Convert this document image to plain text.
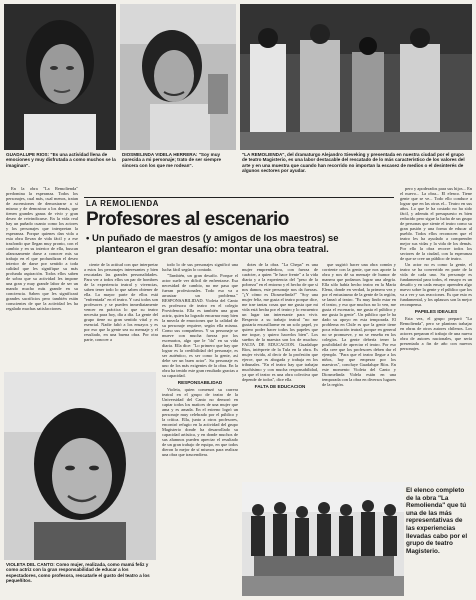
GUADALUPE RIOS: "Es una actividad llena de emociones y muy disfrutada a como muchos se la imaginan".
DIOSMELINDA VIDELA HERRERA: "Soy muy parecida a mi personaje; trato de ser siempre sincera con los que me rodean".
"LA REMOLIENDA", del dramaturgo Alejandro Sieveking y presentada en nuestra ciudad por el grupo de teatro Magisterio, es una labor destacable del rescatado de lo más característico de los valores del arte y en una muestra que cuando han recorrido no importan la escasez de medios o el desinterés de algunos sectores por ayudar.

En la obra "La Remolienda" predomina la esperanza. Todos los personajes, cual más, cual menos, tratan de ascensiones de demostrarse a si mismo y de demostrar a los demás, que tienen grandes ganas de vivir y gran deseo de reivindicarse. En la vida real hay un puñado cuanto como los actores y los personajes que interpretan la esperanza. Porque quienes dan vida a esta obra llevan de vida fácil y a ese trasfondo que llegan muy pronto, con el cambio y en su interior de ella, buscan afanosamente darse a conocer mis su trabajo en el que profundizan el deseo interior de darse por sentido a toda calidad que les signifique su más profunda aspiración. Todos ellos saben de sobra que su actividad les impone una gran y muy grande labor de ser un mando mucho más grande en su conciencia. Saben que les significará grandes sacrificios pero también están conscientes de que la actividad les ha regalado muchas satisfacciones.

LA REMOLIENDA
Profesores al escenario
• Un puñado de maestros (y amigos de los maestros) se
plantearon el gran desafío: montar una obra teatral.

ciente de la actitud con que interpretar a estos los personajes interesantes y bien rescatadas las grandes personalidades. Para ver a todos ellos un par de hombres de la experiencia teatral y vivencias, saben tener todo lo que saben obtener de ella. La mayor parte de ellos está "enfrentada" en el teatro. Y casi todos son profesores y se pueden inmediatamente vencer en práctica lo que su teatro necesita para hoy, día a día. La gente del grupo tiene su gran sentido vital y es esencial. Nadie faltó a los ensayos y es por eso que la gente sea su mensaje y el resultado, en una buena obra. Por otra parte, conocer a

todo lo de sus personajes significó una lucha fácil según lo contado.

"También, un gran desafío. Porque el actor suele ver difícil de enfrentarse. Esa necesidad de cambio, no me pasa que fueran profesionales. Todo eso va a arrastrar un problema." RESPONSABILIDAD. Violeta del Canto es profesora de teatro en el colegio Providencia. Ella es también una gran actriz, quien ha logrado encarnar muy bien la mezcla de emociones que la calidad de su personaje requiere, según ella misma. Como sus compañeros. Y su personaje se mueve con mucha fuerza por los escenarios, algo que le "da" en su vida diaria. Ella dice: "Lo primero que hay que lograr es la credibilidad del personaje, es ser auténtico, es ser como la gente, así debe ser un buen actor". Su personaje es uno de los más exigentes de la obra. En la obra ha tenido este gran resultado gracias a su capacidad.

RESPONSABILIDAD

Violeta, quien comenzó su carrera teatral en el grupo de teatro de la Universidad del Canto no demoró en captar todos los matices de una mujer que ama y es amada. En el estreno logró un personaje muy celebrado por el público y la crítica. Ella, junto a otros profesores, encontró refugio en la actividad del grupo Magisterio donde ha desarrollado su capacidad artística, y en donde muchos de sus alumnos pueden apreciar el resultado de un gran trabajo de equipo, en que todos dieron lo mejor de sí mismos para realizar una obra que trascendiera.

dotes de la obra. "La Chepa" es una mujer emprendedora, con fuerza de carácter, a quien "le hace frente" a la vida diaria y a la experiencia del "peso de la pobreza" en el entorno y el hecho de que sí nos damos, este personaje nos da fuerzas. "¿Y cómo es Diosmelinda?" "Soy una mujer feliz, me gusta el teatro porque dice, me trae tantas cosas que me gusta que mi vida está hecha por el teatro y lo encuentro un lugar tan interesante para vivir. Respecto a su trabajo teatral "no me gustaría encasillarme en un solo papel, yo quiero poder hacer todos los papeles que me toque, y quiero hacerlos bien". Los sueños de la maestra son los de muchos: FALTA DE EDUCACION. Guadalupe Ríos, intérprete de la Tula en la obra. Es mujer vivida, al decir de la profesión que ejerce, que es abogada y trabaja en los tribunales. "En el teatro hay que trabajar muchísimo y con mucha responsabilidad, ya que el teatro es una obra colectiva que depende de todos", dice ella.

FALTA DE EDUCACION

que sugirió hacer una obra común y corriente con la gente, que nos aporte la obra y nos dé su mensaje de humor de manera que podamos lograr una alegría. Ella sólo había hecho teatro en la María Elena, donde en verdad, la primera vez y por el entusiasmo de la gente de la región, se lanzó al teatro. "Es muy lindo estar en el teatro, y eso que muchos no lo ven, me gusta el escenario, me gusta el público y me gusta la gente". Un público que le ha dado su apoyo en esta temporada. El problema en Chile es que la gente tiene poca educación teatral, porque en general no se promueve, y no se enseña en los colegios. La gente debería tener la posibilidad de apreciar el teatro. Por eso ella cree que los profesores deben dar el ejemplo. "Para que el teatro llegue a los niños, hay que empezar por los maestros", concluye Guadalupe Ríos. En este momento Violeta del Canto y Diosmelinda Videla están en una temporada con la obra en diversos lugares de la región.

pero y apoderados para sus hijos... En el nuevo... La obra... El elenco. Tiene gente que se ve... Todo ello conduce a lograr que en las otras el... Teatro en sus años. Lo que le ha costado no ha sido fácil, y además el presupuesto es bien reducido pero sigue la lucha de un grupo de personas que siente el teatro como su gran pasión y una forma de educar al pueblo. Todos ellos reconocen que el teatro les ha ayudado a comprender mejor sus vidas y la vida de los demás. Por ello la obra recorre todos los sectores de la ciudad, con la esperanza de que se cree un público de teatro.

Un actor no es como la gente, el teatro se ha convertido en parte de la vida de cada uno. Su personaje es fundamental para todos, el ensayo es un desafío y en cada ensayo aprenden algo nuevo sobre la gente y el público que los va a ver y sus reacciones. Es que esto es fundamental, y los aplausos son la mejor recompensa.

PAPELES IDEALES

Esta vez, el grupo preparó "La Remolienda", pero se plantean trabajar en obras de otros autores chilenos. Los actores preparan el trabajo de una nueva obra de autores nacionales, que sería presentada a fin de año con nuevos personajes.

VIOLETA DEL CANTO: Como mujer, realizada, como mamá feliz y como actriz con la gran responsabilidad de educar a los espectadores, como profesora, rescatarle el gusto del teatro a los pequeñitos.
El elenco completo de la obra "La Remolienda" que tú una de las más representativas de las experiencias llevadas cabo por el grupo de teatro Magisterio.
